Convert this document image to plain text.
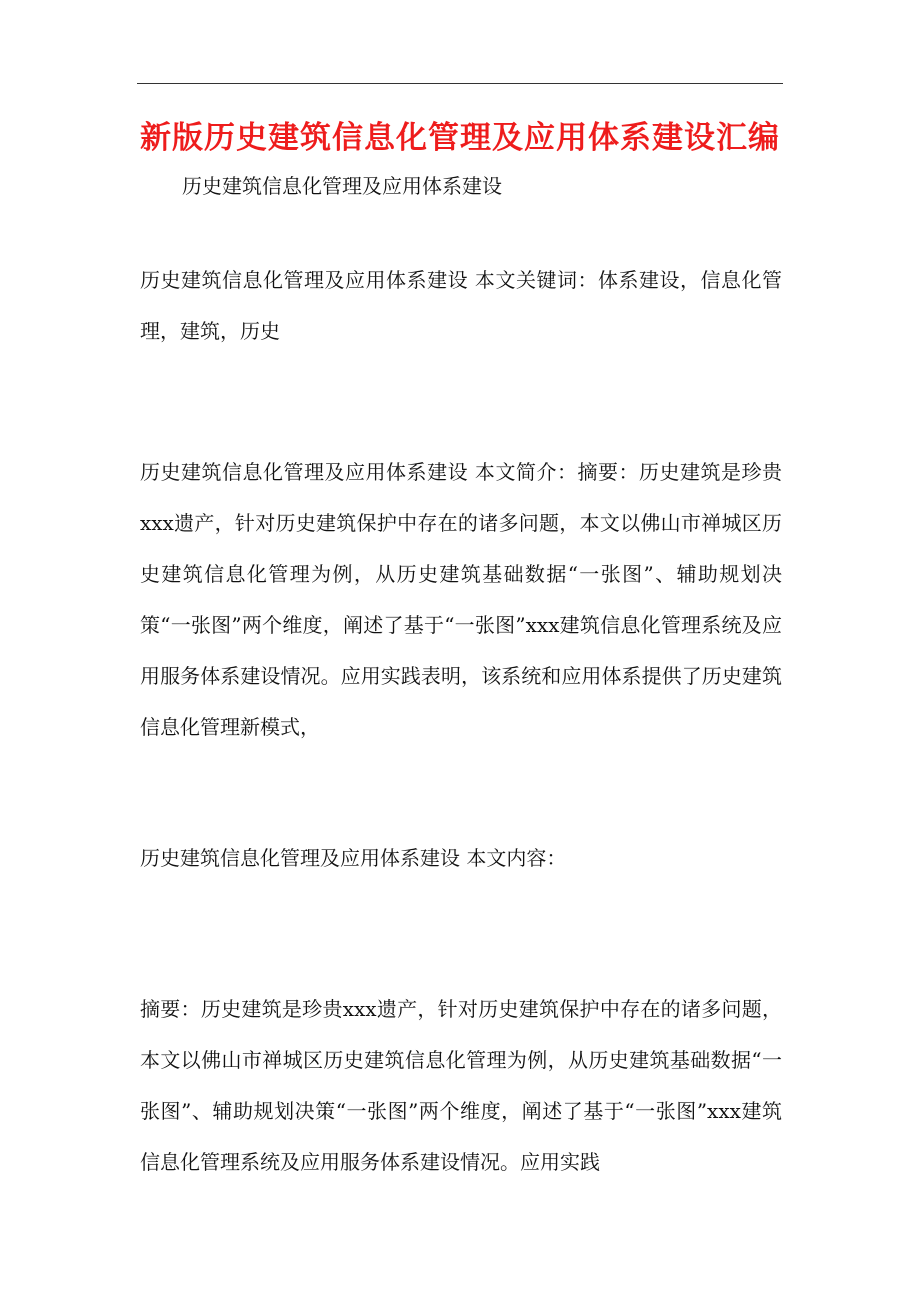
新版历史建筑信息化管理及应用体系建设汇编
历史建筑信息化管理及应用体系建设

历史建筑信息化管理及应用体系建设 本文关键词：体系建设，信息化管理，建筑，历史

历史建筑信息化管理及应用体系建设 本文简介：摘要：历史建筑是珍贵xxx遗产，针对历史建筑保护中存在的诸多问题，本文以佛山市禅城区历史建筑信息化管理为例，从历史建筑基础数据“一张图”、辅助规划决策“一张图”两个维度，阐述了基于“一张图”xxx建筑信息化管理系统及应用服务体系建设情况。应用实践表明，该系统和应用体系提供了历史建筑信息化管理新模式，

历史建筑信息化管理及应用体系建设 本文内容：

摘要：历史建筑是珍贵xxx遗产，针对历史建筑保护中存在的诸多问题，本文以佛山市禅城区历史建筑信息化管理为例，从历史建筑基础数据“一张图”、辅助规划决策“一张图”两个维度，阐述了基于“一张图”xxx建筑信息化管理系统及应用服务体系建设情况。应用实践
